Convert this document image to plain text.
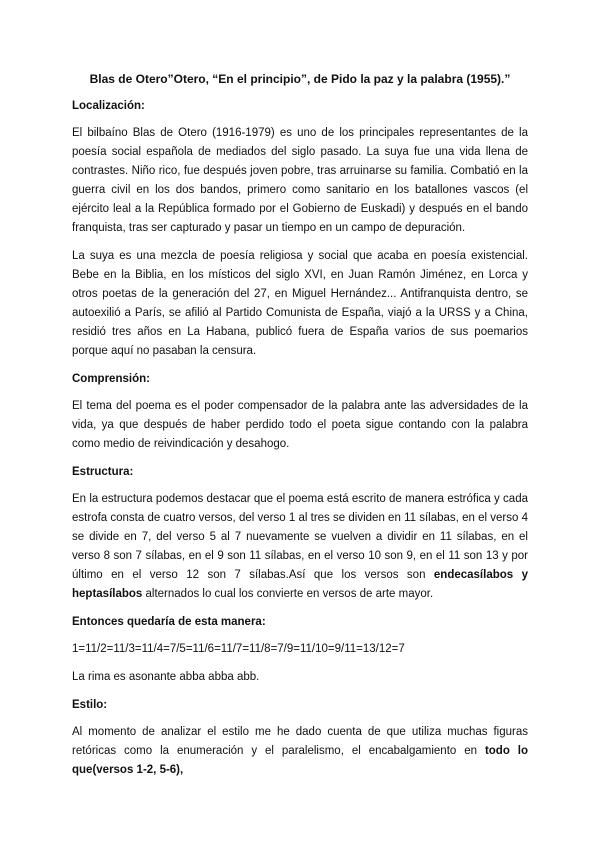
Blas de Otero”Otero, “En el principio”, de Pido la paz y la palabra (1955).”
Localización:
El bilbaíno Blas de Otero (1916-1979) es uno de los principales representantes de la poesía social española de mediados del siglo pasado. La suya fue una vida llena de contrastes. Niño rico, fue después joven pobre, tras arruinarse su familia. Combatió en la guerra civil en los dos bandos, primero como sanitario en los batallones vascos (el ejército leal a la República formado por el Gobierno de Euskadi) y después en el bando franquista, tras ser capturado y pasar un tiempo en un campo de depuración.
La suya es una mezcla de poesía religiosa y social que acaba en poesía existencial. Bebe en la Biblia, en los místicos del siglo XVI, en Juan Ramón Jiménez, en Lorca y otros poetas de la generación del 27, en Miguel Hernández... Antifranquista dentro, se autoexilió a París, se afilió al Partido Comunista de España, viajó a la URSS y a China, residió tres años en La Habana, publicó fuera de España varios de sus poemarios porque aquí no pasaban la censura.
Comprensión:
El tema del poema es el poder compensador de la palabra ante las adversidades de la vida, ya que después de haber perdido todo el poeta sigue contando con la palabra como medio de reivindicación y desahogo.
Estructura:
En la estructura podemos destacar que el poema está escrito de manera estrófica y cada estrofa consta de cuatro versos, del verso 1 al tres se dividen en 11 sílabas, en el verso 4 se divide en 7, del verso 5 al 7 nuevamente se vuelven a dividir en 11 sílabas, en el verso 8 son 7 sílabas, en el 9 son 11 sílabas, en el verso 10 son 9, en el 11 son 13 y por último en el verso 12 son 7 sílabas.Así que los versos son endecasílabos y heptasílabos alternados lo cual los convierte en versos de arte mayor.
Entonces quedaría de esta manera:
1=11/2=11/3=11/4=7/5=11/6=11/7=11/8=7/9=11/10=9/11=13/12=7
La rima es asonante abba abba abb.
Estilo:
Al momento de analizar el estilo me he dado cuenta de que utiliza muchas figuras retóricas como la enumeración y el paralelismo, el encabalgamiento en todo lo que(versos 1-2, 5-6),
